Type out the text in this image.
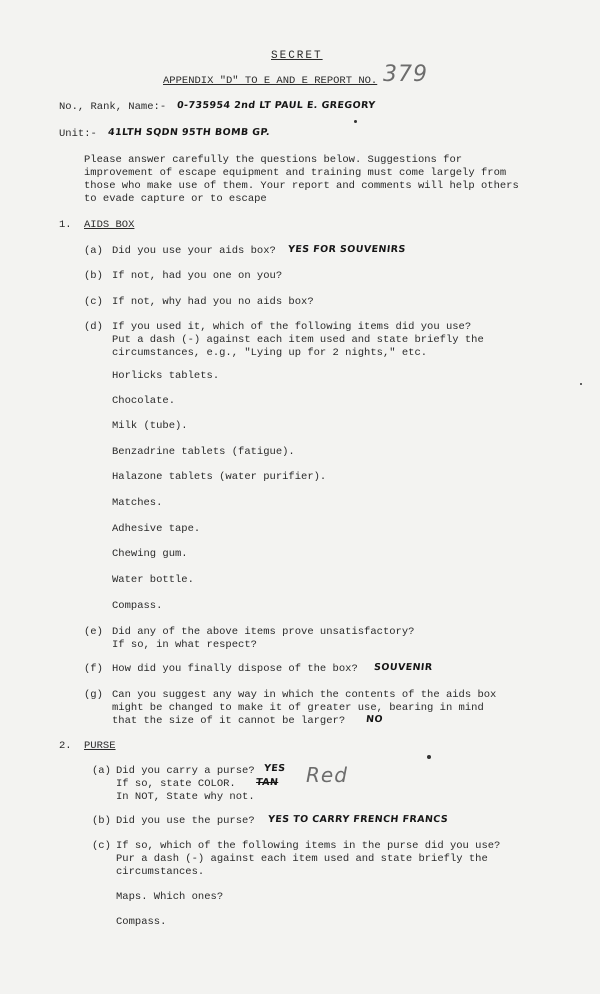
SECRET
APPENDIX "D" TO E AND E REPORT NO. 379
No., Rank, Name:- 0-735954 2nd LT PAUL E. GREGORY
Unit:- 41LTH SQDN 95TH BOMB GP.
Please answer carefully the questions below. Suggestions for improvement of escape equipment and training must come largely from those who make use of them. Your report and comments will help others to evade capture or to escape
1. AIDS BOX
(a) Did you use your aids box? YES FOR SOUVENIRS
(b) If not, had you one on you?
(c) If not, why had you no aids box?
(d) If you used it, which of the following items did you use?
Put a dash (-) against each item used and state briefly the
circumstances, e.g., "Lying up for 2 nights," etc.
Horlicks tablets.
Chocolate.
Milk (tube).
Benzadrine tablets (fatigue).
Halazone tablets (water purifier).
Matches.
Adhesive tape.
Chewing gum.
Water bottle.
Compass.
(e) Did any of the above items prove unsatisfactory?
If so, in what respect?
(f) How did you finally dispose of the box? SOUVENIR
(g) Can you suggest any way in which the contents of the aids box
might be changed to make it of greater use, bearing in mind
that the size of it cannot be larger? NO
2. PURSE
(a) Did you carry a purse? YES
If so, state COLOR. TAN Red
In NOT, State why not.
(b) Did you use the purse? YES TO CARRY FRENCH FRANCS
(c) If so, which of the following items in the purse did you use?
Pur a dash (-) against each item used and state briefly the
circumstances.
Maps. Which ones?
Compass.
